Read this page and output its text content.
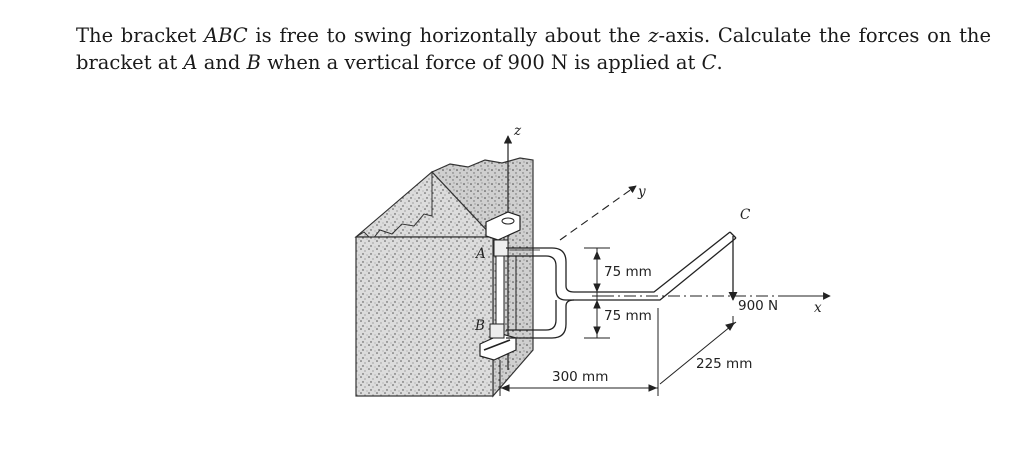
The bracket ABC is free to swing horizontally about the z-axis. Calculate the forces on the bracket at A and B when a vertical force of 900 N is applied at C.

z
y
x
A
B
C
900 N
75 mm
75 mm
300 mm
225 mm
